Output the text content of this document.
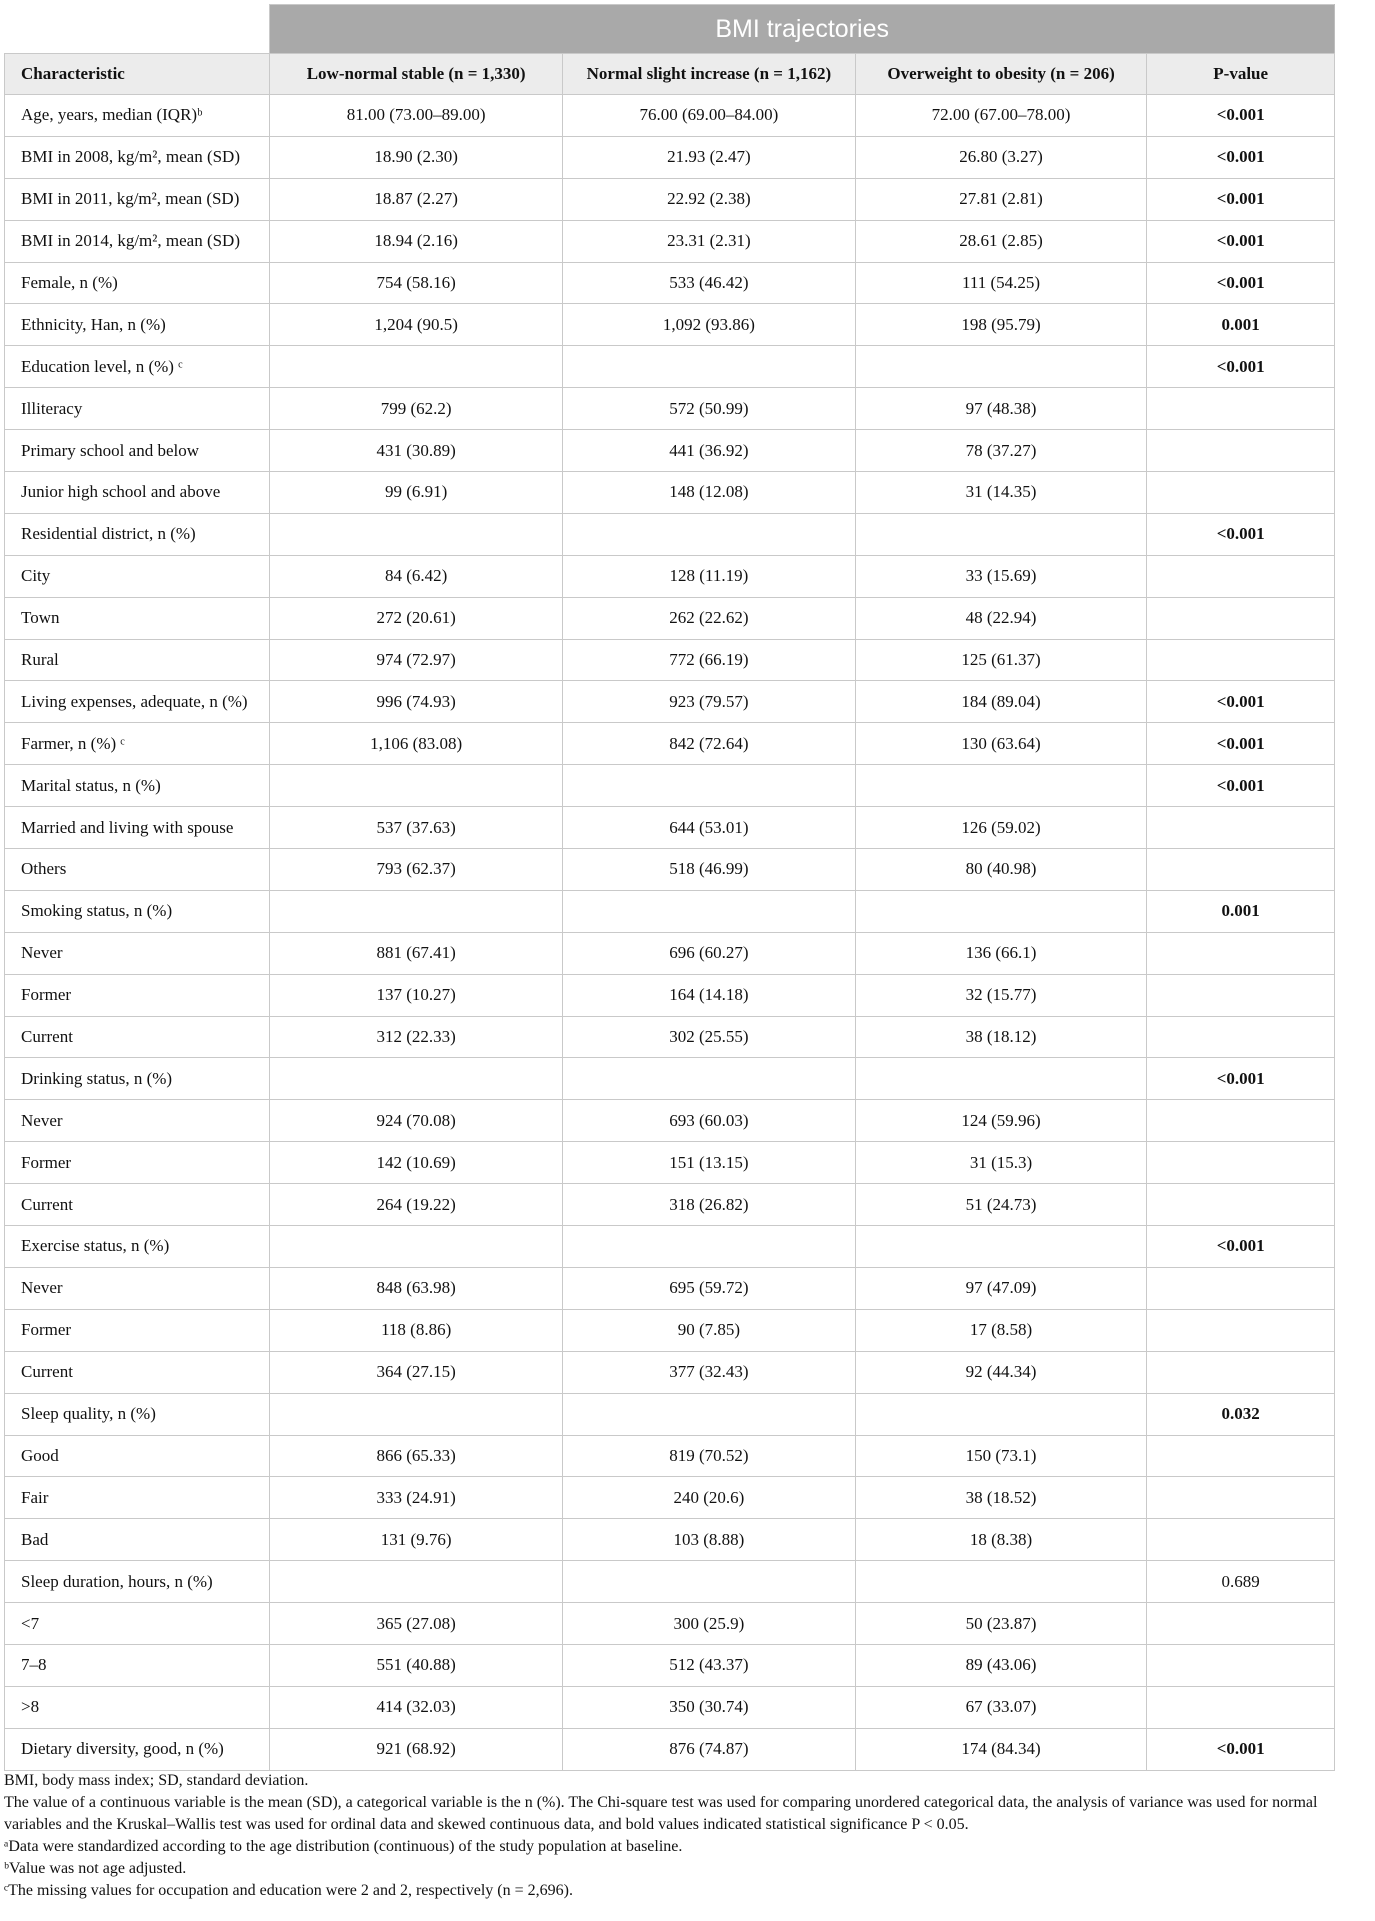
	BMI trajectories			
Characteristic	Low-normal stable (n = 1,330)	Normal slight increase (n = 1,162)	Overweight to obesity (n = 206)	P-value
Age, years, median (IQR)ᵇ	81.00 (73.00–89.00)	76.00 (69.00–84.00)	72.00 (67.00–78.00)	<0.001
BMI in 2008, kg/m², mean (SD)	18.90 (2.30)	21.93 (2.47)	26.80 (3.27)	<0.001
BMI in 2011, kg/m², mean (SD)	18.87 (2.27)	22.92 (2.38)	27.81 (2.81)	<0.001
BMI in 2014, kg/m², mean (SD)	18.94 (2.16)	23.31 (2.31)	28.61 (2.85)	<0.001
Female, n (%)	754 (58.16)	533 (46.42)	111 (54.25)	<0.001
Ethnicity, Han, n (%)	1,204 (90.5)	1,092 (93.86)	198 (95.79)	0.001
Education level, n (%) ᶜ				<0.001
Illiteracy	799 (62.2)	572 (50.99)	97 (48.38)	
Primary school and below	431 (30.89)	441 (36.92)	78 (37.27)	
Junior high school and above	99 (6.91)	148 (12.08)	31 (14.35)	
Residential district, n (%)				<0.001
City	84 (6.42)	128 (11.19)	33 (15.69)	
Town	272 (20.61)	262 (22.62)	48 (22.94)	
Rural	974 (72.97)	772 (66.19)	125 (61.37)	
Living expenses, adequate, n (%)	996 (74.93)	923 (79.57)	184 (89.04)	<0.001
Farmer, n (%) ᶜ	1,106 (83.08)	842 (72.64)	130 (63.64)	<0.001
Marital status, n (%)				<0.001
Married and living with spouse	537 (37.63)	644 (53.01)	126 (59.02)	
Others	793 (62.37)	518 (46.99)	80 (40.98)	
Smoking status, n (%)				0.001
Never	881 (67.41)	696 (60.27)	136 (66.1)	
Former	137 (10.27)	164 (14.18)	32 (15.77)	
Current	312 (22.33)	302 (25.55)	38 (18.12)	
Drinking status, n (%)				<0.001
Never	924 (70.08)	693 (60.03)	124 (59.96)	
Former	142 (10.69)	151 (13.15)	31 (15.3)	
Current	264 (19.22)	318 (26.82)	51 (24.73)	
Exercise status, n (%)				<0.001
Never	848 (63.98)	695 (59.72)	97 (47.09)	
Former	118 (8.86)	90 (7.85)	17 (8.58)	
Current	364 (27.15)	377 (32.43)	92 (44.34)	
Sleep quality, n (%)				0.032
Good	866 (65.33)	819 (70.52)	150 (73.1)	
Fair	333 (24.91)	240 (20.6)	38 (18.52)	
Bad	131 (9.76)	103 (8.88)	18 (8.38)	
Sleep duration, hours, n (%)				0.689
<7	365 (27.08)	300 (25.9)	50 (23.87)	
7–8	551 (40.88)	512 (43.37)	89 (43.06)	
>8	414 (32.03)	350 (30.74)	67 (33.07)	
Dietary diversity, good, n (%)	921 (68.92)	876 (74.87)	174 (84.34)	<0.001

BMI, body mass index; SD, standard deviation.

The value of a continuous variable is the mean (SD), a categorical variable is the n (%). The Chi-square test was used for comparing unordered categorical data, the analysis of variance was used for normal variables and the Kruskal–Wallis test was used for ordinal data and skewed continuous data, and bold values indicated statistical significance P < 0.05.

ᵃData were standardized according to the age distribution (continuous) of the study population at baseline.

ᵇValue was not age adjusted.

ᶜThe missing values for occupation and education were 2 and 2, respectively (n = 2,696).
